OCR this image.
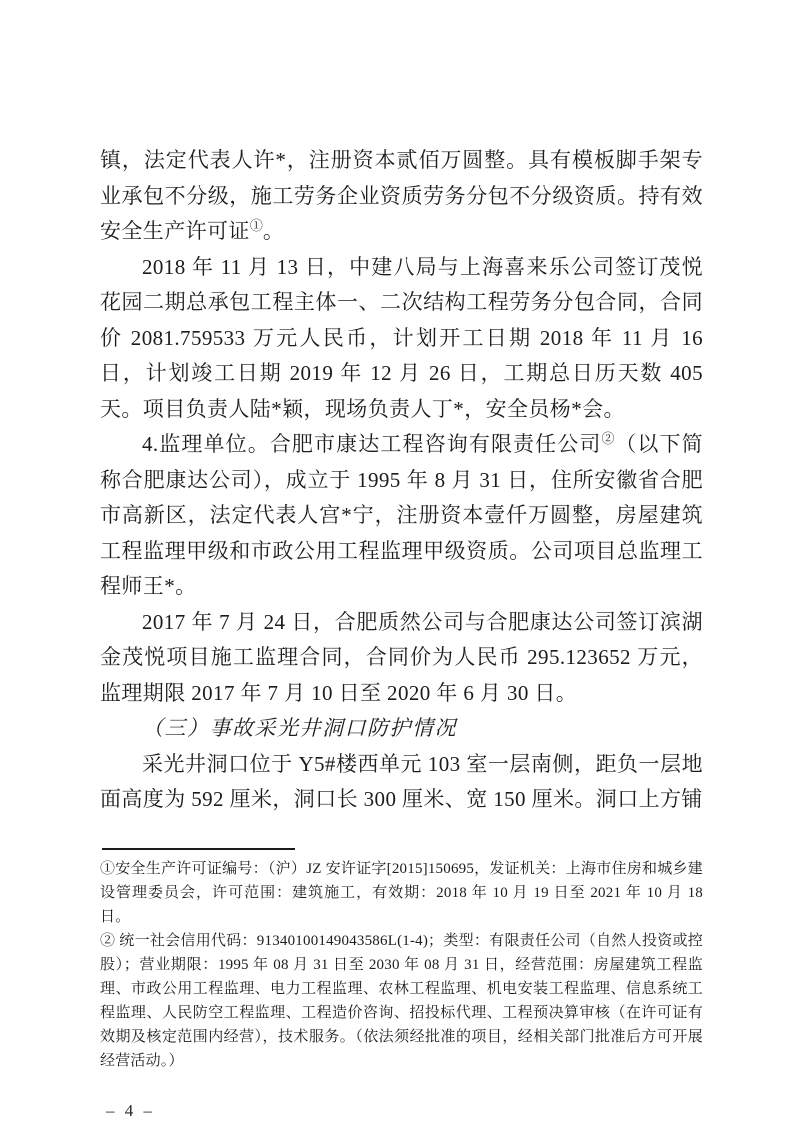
镇，法定代表人许*，注册资本贰佰万圆整。具有模板脚手架专业承包不分级，施工劳务企业资质劳务分包不分级资质。持有效安全生产许可证①。

2018 年 11 月 13 日，中建八局与上海喜来乐公司签订茂悦花园二期总承包工程主体一、二次结构工程劳务分包合同，合同价 2081.759533 万元人民币，计划开工日期 2018 年 11 月 16 日，计划竣工日期 2019 年 12 月 26 日，工期总日历天数 405 天。项目负责人陆*颖，现场负责人丁*，安全员杨*会。

4.监理单位。合肥市康达工程咨询有限责任公司②（以下简称合肥康达公司），成立于 1995 年 8 月 31 日，住所安徽省合肥市高新区，法定代表人宫*宁，注册资本壹仟万圆整，房屋建筑工程监理甲级和市政公用工程监理甲级资质。公司项目总监理工程师王*。

2017 年 7 月 24 日，合肥质然公司与合肥康达公司签订滨湖金茂悦项目施工监理合同，合同价为人民币 295.123652 万元，监理期限 2017 年 7 月 10 日至 2020 年 6 月 30 日。

（三）事故采光井洞口防护情况

采光井洞口位于 Y5#楼西单元 103 室一层南侧，距负一层地面高度为 592 厘米，洞口长 300 厘米、宽 150 厘米。洞口上方铺

①安全生产许可证编号：（沪）JZ 安许证字[2015]150695，发证机关：上海市住房和城乡建设管理委员会，许可范围：建筑施工，有效期：2018 年 10 月 19 日至 2021 年 10 月 18 日。

② 统一社会信用代码：91340100149043586L(1-4)；类型：有限责任公司（自然人投资或控股）；营业期限：1995 年 08 月 31 日至 2030 年 08 月 31 日，经营范围：房屋建筑工程监理、市政公用工程监理、电力工程监理、农林工程监理、机电安装工程监理、信息系统工程监理、人民防空工程监理、工程造价咨询、招投标代理、工程预决算审核（在许可证有效期及核定范围内经营），技术服务。（依法须经批准的项目，经相关部门批准后方可开展经营活动。）

– 4 –
